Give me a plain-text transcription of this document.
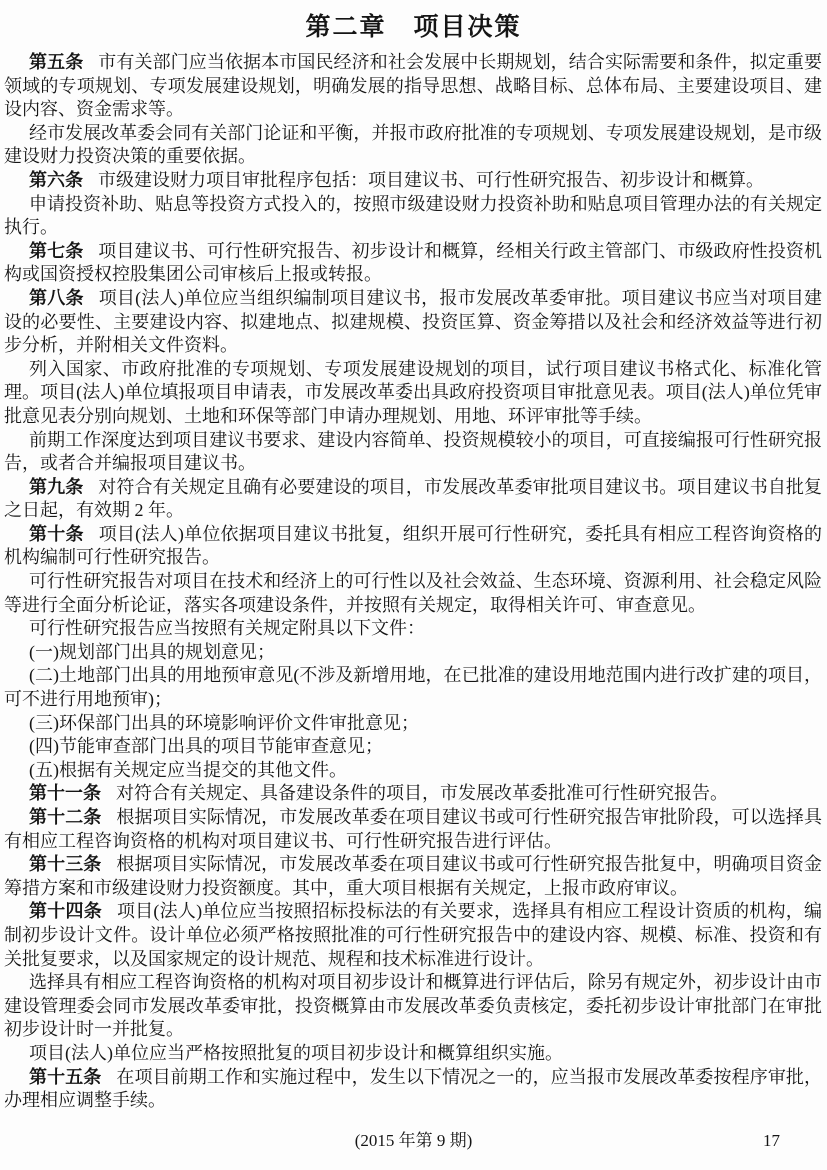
第二章　项目决策

第五条 市有关部门应当依据本市国民经济和社会发展中长期规划，结合实际需要和条件，拟定重要领域的专项规划、专项发展建设规划，明确发展的指导思想、战略目标、总体布局、主要建设项目、建设内容、资金需求等。

经市发展改革委会同有关部门论证和平衡，并报市政府批准的专项规划、专项发展建设规划，是市级建设财力投资决策的重要依据。

第六条 市级建设财力项目审批程序包括：项目建议书、可行性研究报告、初步设计和概算。

申请投资补助、贴息等投资方式投入的，按照市级建设财力投资补助和贴息项目管理办法的有关规定执行。

第七条 项目建议书、可行性研究报告、初步设计和概算，经相关行政主管部门、市级政府性投资机构或国资授权控股集团公司审核后上报或转报。

第八条 项目(法人)单位应当组织编制项目建议书，报市发展改革委审批。项目建议书应当对项目建设的必要性、主要建设内容、拟建地点、拟建规模、投资匡算、资金筹措以及社会和经济效益等进行初步分析，并附相关文件资料。

列入国家、市政府批准的专项规划、专项发展建设规划的项目，试行项目建议书格式化、标准化管理。项目(法人)单位填报项目申请表，市发展改革委出具政府投资项目审批意见表。项目(法人)单位凭审批意见表分别向规划、土地和环保等部门申请办理规划、用地、环评审批等手续。

前期工作深度达到项目建议书要求、建设内容简单、投资规模较小的项目，可直接编报可行性研究报告，或者合并编报项目建议书。

第九条 对符合有关规定且确有必要建设的项目，市发展改革委审批项目建议书。项目建议书自批复之日起，有效期 2 年。

第十条 项目(法人)单位依据项目建议书批复，组织开展可行性研究，委托具有相应工程咨询资格的机构编制可行性研究报告。

可行性研究报告对项目在技术和经济上的可行性以及社会效益、生态环境、资源利用、社会稳定风险等进行全面分析论证，落实各项建设条件，并按照有关规定，取得相关许可、审查意见。

可行性研究报告应当按照有关规定附具以下文件：

(一)规划部门出具的规划意见；

(二)土地部门出具的用地预审意见(不涉及新增用地，在已批准的建设用地范围内进行改扩建的项目，可不进行用地预审)；

(三)环保部门出具的环境影响评价文件审批意见；

(四)节能审查部门出具的项目节能审查意见；

(五)根据有关规定应当提交的其他文件。

第十一条 对符合有关规定、具备建设条件的项目，市发展改革委批准可行性研究报告。

第十二条 根据项目实际情况，市发展改革委在项目建议书或可行性研究报告审批阶段，可以选择具有相应工程咨询资格的机构对项目建议书、可行性研究报告进行评估。

第十三条 根据项目实际情况，市发展改革委在项目建议书或可行性研究报告批复中，明确项目资金筹措方案和市级建设财力投资额度。其中，重大项目根据有关规定，上报市政府审议。

第十四条 项目(法人)单位应当按照招标投标法的有关要求，选择具有相应工程设计资质的机构，编制初步设计文件。设计单位必须严格按照批准的可行性研究报告中的建设内容、规模、标准、投资和有关批复要求，以及国家规定的设计规范、规程和技术标准进行设计。

选择具有相应工程咨询资格的机构对项目初步设计和概算进行评估后，除另有规定外，初步设计由市建设管理委会同市发展改革委审批，投资概算由市发展改革委负责核定，委托初步设计审批部门在审批初步设计时一并批复。

项目(法人)单位应当严格按照批复的项目初步设计和概算组织实施。

第十五条 在项目前期工作和实施过程中，发生以下情况之一的，应当报市发展改革委按程序审批，办理相应调整手续。

(2015 年第 9 期)	17
